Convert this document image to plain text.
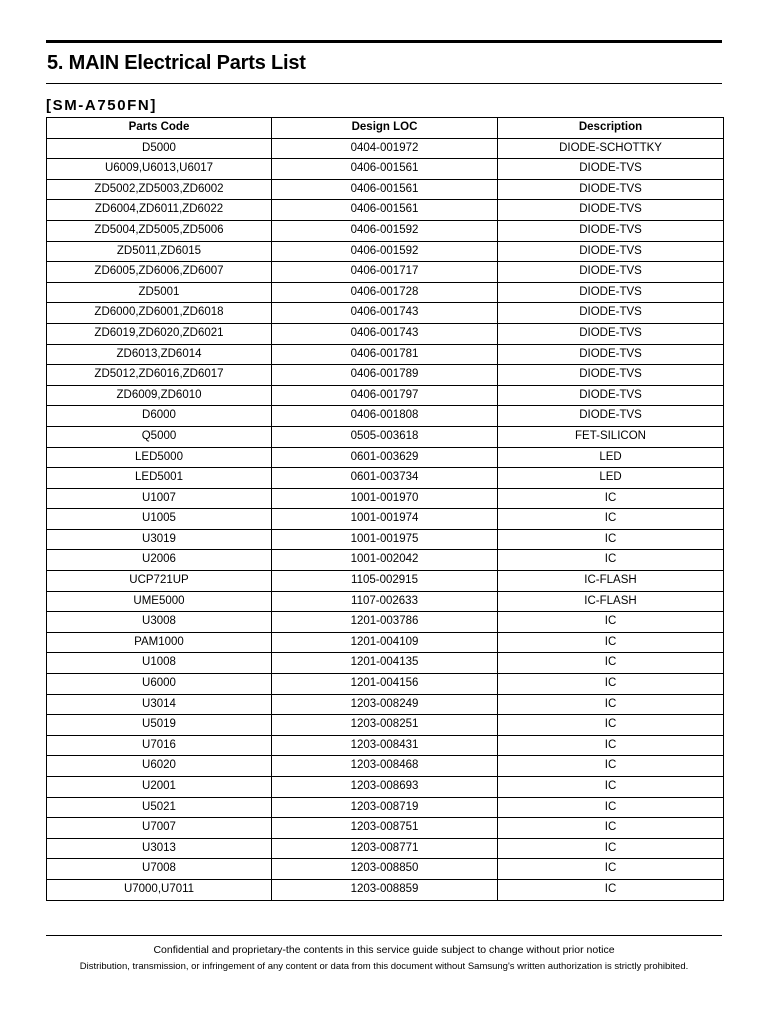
5. MAIN Electrical Parts List
[SM-A750FN]
Parts Code	Design LOC	Description
D5000	0404-001972	DIODE-SCHOTTKY
U6009,U6013,U6017	0406-001561	DIODE-TVS
ZD5002,ZD5003,ZD6002	0406-001561	DIODE-TVS
ZD6004,ZD6011,ZD6022	0406-001561	DIODE-TVS
ZD5004,ZD5005,ZD5006	0406-001592	DIODE-TVS
ZD5011,ZD6015	0406-001592	DIODE-TVS
ZD6005,ZD6006,ZD6007	0406-001717	DIODE-TVS
ZD5001	0406-001728	DIODE-TVS
ZD6000,ZD6001,ZD6018	0406-001743	DIODE-TVS
ZD6019,ZD6020,ZD6021	0406-001743	DIODE-TVS
ZD6013,ZD6014	0406-001781	DIODE-TVS
ZD5012,ZD6016,ZD6017	0406-001789	DIODE-TVS
ZD6009,ZD6010	0406-001797	DIODE-TVS
D6000	0406-001808	DIODE-TVS
Q5000	0505-003618	FET-SILICON
LED5000	0601-003629	LED
LED5001	0601-003734	LED
U1007	1001-001970	IC
U1005	1001-001974	IC
U3019	1001-001975	IC
U2006	1001-002042	IC
UCP721UP	1105-002915	IC-FLASH
UME5000	1107-002633	IC-FLASH
U3008	1201-003786	IC
PAM1000	1201-004109	IC
U1008	1201-004135	IC
U6000	1201-004156	IC
U3014	1203-008249	IC
U5019	1203-008251	IC
U7016	1203-008431	IC
U6020	1203-008468	IC
U2001	1203-008693	IC
U5021	1203-008719	IC
U7007	1203-008751	IC
U3013	1203-008771	IC
U7008	1203-008850	IC
U7000,U7011	1203-008859	IC
Confidential and proprietary-the contents in this service guide subject to change without prior notice
Distribution, transmission, or infringement of any content or data from this document without Samsung's written authorization is strictly prohibited.
